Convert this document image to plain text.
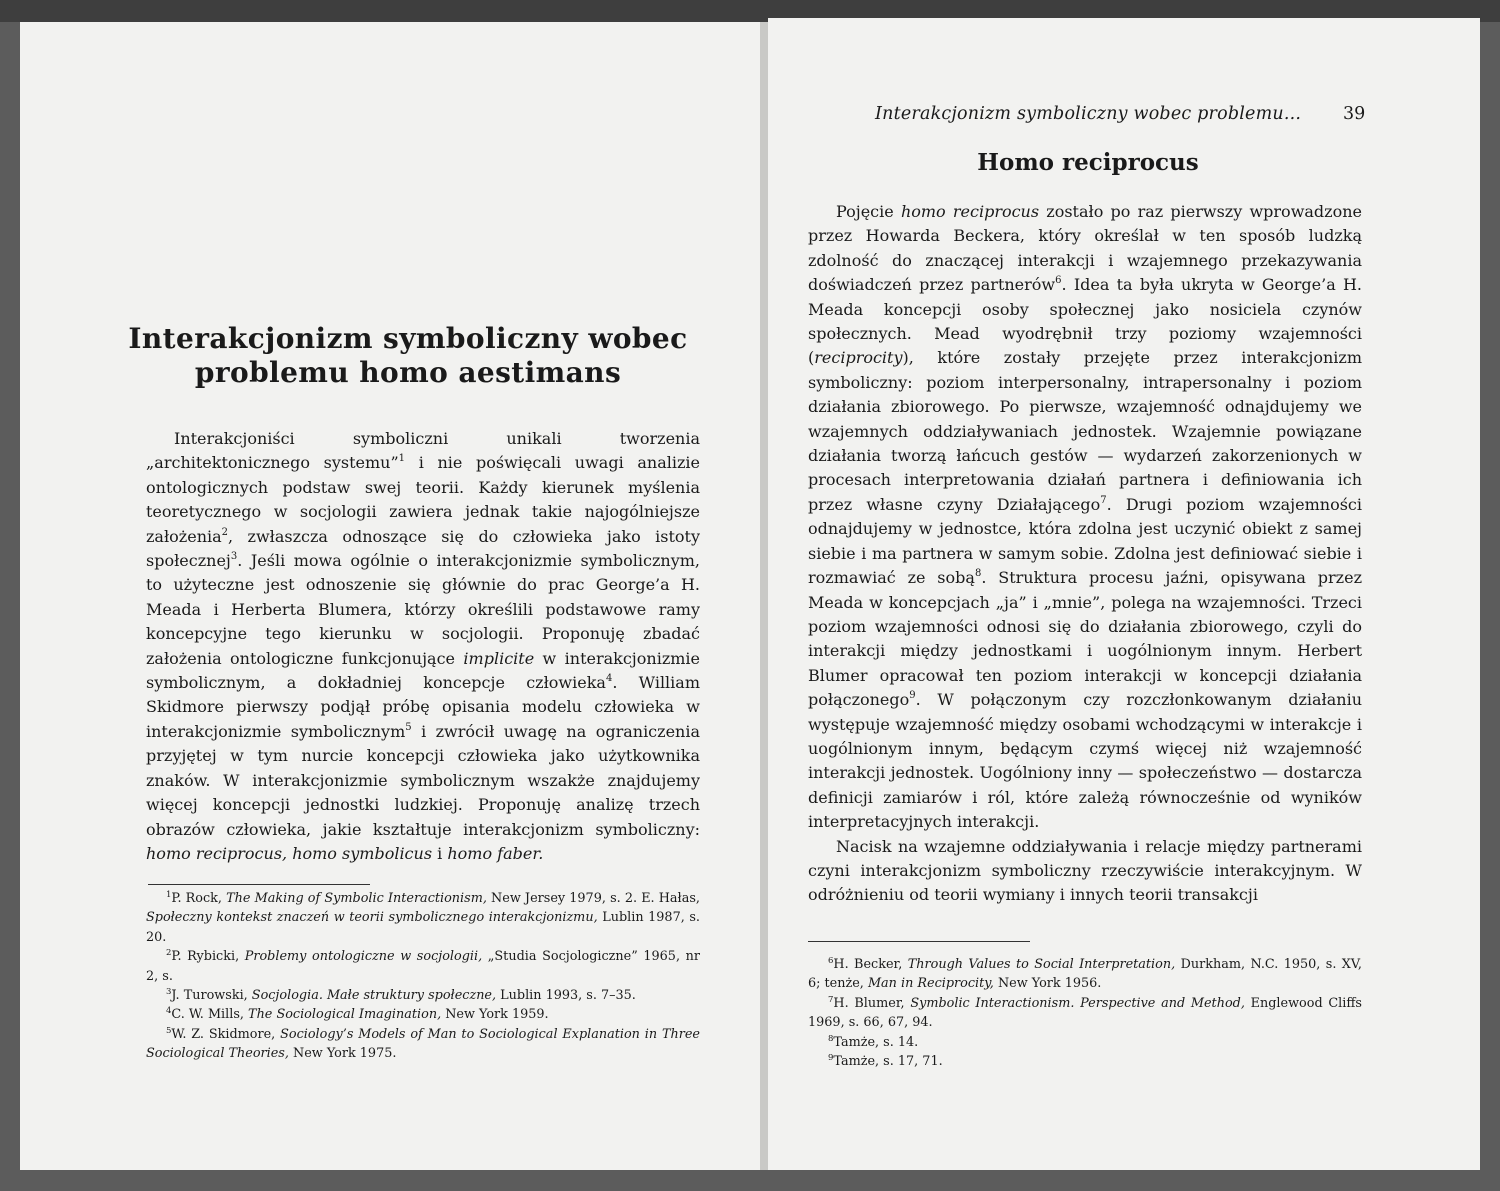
Interakcjonizm symboliczny wobec problemu homo aestimans

Interakcjoniści symboliczni unikali tworzenia „architektonicznego systemu”$^1$ i nie poświęcali uwagi analizie ontologicznych podstaw swej teorii. Każdy kierunek myślenia teoretycznego w socjologii zawiera jednak takie najogólniejsze założenia$^2$, zwłaszcza odnoszące się do człowieka jako istoty społecznej$^3$. Jeśli mowa ogólnie o interakcjonizmie symbolicznym, to użyteczne jest odnoszenie się głównie do prac George’a H. Meada i Herberta Blumera, którzy określili podstawowe ramy koncepcyjne tego kierunku w socjologii. Proponuję zbadać założenia ontologiczne funkcjonujące implicite w interakcjonizmie symbolicznym, a dokładniej koncepcje człowieka$^4$. William Skidmore pierwszy podjął próbę opisania modelu człowieka w interakcjonizmie symbolicznym$^5$ i zwrócił uwagę na ograniczenia przyjętej w tym nurcie koncepcji człowieka jako użytkownika znaków. W interakcjonizmie symbolicznym wszakże znajdujemy więcej koncepcji jednostki ludzkiej. Proponuję analizę trzech obrazów człowieka, jakie kształtuje interakcjonizm symboliczny: homo reciprocus, homo symbolicus i homo faber.

$^1$P. Rock, The Making of Symbolic Interactionism, New Jersey 1979, s. 2. E. Hałas, Społeczny kontekst znaczeń w teorii symbolicznego interakcjonizmu, Lublin 1987, s. 20.

$^2$P. Rybicki, Problemy ontologiczne w socjologii, „Studia Socjologiczne” 1965, nr 2, s.

$^3$J. Turowski, Socjologia. Małe struktury społeczne, Lublin 1993, s. 7–35.

$^4$C. W. Mills, The Sociological Imagination, New York 1959.

$^5$W. Z. Skidmore, Sociology’s Models of Man to Sociological Explanation in Three Sociological Theories, New York 1975.

Interakcjonizm symboliczny wobec problemu...	39
Homo reciprocus

Pojęcie homo reciprocus zostało po raz pierwszy wprowadzone przez Howarda Beckera, który określał w ten sposób ludzką zdolność do znaczącej interakcji i wzajemnego przekazywania doświadczeń przez partnerów$^6$. Idea ta była ukryta w George’a H. Meada koncepcji osoby społecznej jako nosiciela czynów społecznych. Mead wyodrębnił trzy poziomy wzajemności (reciprocity), które zostały przejęte przez interakcjonizm symboliczny: poziom interpersonalny, intrapersonalny i poziom działania zbiorowego. Po pierwsze, wzajemność odnajdujemy we wzajemnych oddziaływaniach jednostek. Wzajemnie powiązane działania tworzą łańcuch gestów — wydarzeń zakorzenionych w procesach interpretowania działań partnera i definiowania ich przez własne czyny Działającego$^7$. Drugi poziom wzajemności odnajdujemy w jednostce, która zdolna jest uczynić obiekt z samej siebie i ma partnera w samym sobie. Zdolna jest definiować siebie i rozmawiać ze sobą$^8$. Struktura procesu jaźni, opisywana przez Meada w koncepcjach „ja” i „mnie”, polega na wzajemności. Trzeci poziom wzajemności odnosi się do działania zbiorowego, czyli do interakcji między jednostkami i uogólnionym innym. Herbert Blumer opracował ten poziom interakcji w koncepcji działania połączonego$^9$. W połączonym czy rozczłonkowanym działaniu występuje wzajemność między osobami wchodzącymi w interakcje i uogólnionym innym, będącym czymś więcej niż wzajemność interakcji jednostek. Uogólniony inny — społeczeństwo — dostarcza definicji zamiarów i ról, które zależą równocześnie od wyników interpretacyjnych interakcji.

Nacisk na wzajemne oddziaływania i relacje między partnerami czyni interakcjonizm symboliczny rzeczywiście interakcyjnym. W odróżnieniu od teorii wymiany i innych teorii transakcji

$^6$H. Becker, Through Values to Social Interpretation, Durkham, N.C. 1950, s. XV, 6; tenże, Man in Reciprocity, New York 1956.

$^7$H. Blumer, Symbolic Interactionism. Perspective and Method, Englewood Cliffs 1969, s. 66, 67, 94.

$^8$Tamże, s. 14.

$^9$Tamże, s. 17, 71.
